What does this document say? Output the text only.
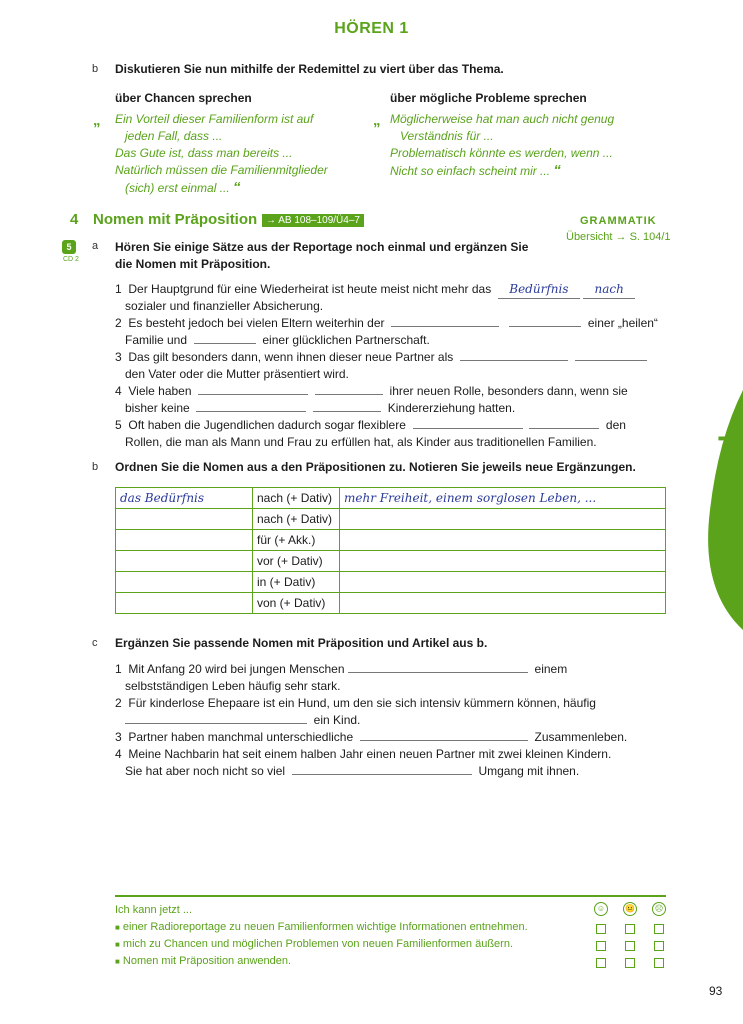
HÖREN 1
b Diskutieren Sie nun mithilfe der Redemittel zu viert über das Thema.
über Chancen sprechen	über mögliche Probleme sprechen
„ Ein Vorteil dieser Familienform ist auf
jeden Fall, dass ...
Das Gute ist, dass man bereits ...
Natürlich müssen die Familienmitglieder
(sich) erst einmal ... “
„ Möglicherweise hat man auch nicht genug
Verständnis für ...
Problematisch könnte es werden, wenn ...
Nicht so einfach scheint mir ... “
4 Nomen mit Präposition → AB 108–109/Ü4–7	GRAMMATIK
Übersicht → S. 104/1
5
CD 2
a Hören Sie einige Sätze aus der Reportage noch einmal und ergänzen Sie
die Nomen mit Präposition.
1 Der Hauptgrund für eine Wiederheirat ist heute meist nicht mehr das Bedürfnis nach
sozialer und finanzieller Absicherung.
2 Es besteht jedoch bei vielen Eltern weiterhin der	einer „heilen“
Familie und	einer glücklichen Partnerschaft.
3 Das gilt besonders dann, wenn ihnen dieser neue Partner als
den Vater oder die Mutter präsentiert wird.
4 Viele haben	ihrer neuen Rolle, besonders dann, wenn sie
bisher keine	Kindererziehung hatten.
5 Oft haben die Jugendlichen dadurch sogar flexiblere	den
Rollen, die man als Mann und Frau zu erfüllen hat, als Kinder aus traditionellen Familien.
b Ordnen Sie die Nomen aus a den Präpositionen zu. Notieren Sie jeweils neue Ergänzungen.
das Bedürfnis	nach (+ Dativ)	mehr Freiheit, einem sorglosen Leben, ...
	nach (+ Dativ)	
	für (+ Akk.)	
	vor (+ Dativ)	
	in (+ Dativ)	
	von (+ Dativ)	
c Ergänzen Sie passende Nomen mit Präposition und Artikel aus b.
1 Mit Anfang 20 wird bei jungen Menschen	einem
selbstständigen Leben häufig sehr stark.
2 Für kinderlose Ehepaare ist ein Hund, um den sie sich intensiv kümmern können, häufig
ein Kind.
3 Partner haben manchmal unterschiedliche	Zusammenleben.
4 Meine Nachbarin hat seit einem halben Jahr einen neuen Partner mit zwei kleinen Kindern.
Sie hat aber noch nicht so viel	Umgang mit ihnen.
Ich kann jetzt ...	☺	😐	☹
■ einer Radioreportage zu neuen Familienformen wichtige Informationen entnehmen.
■ mich zu Chancen und möglichen Problemen von neuen Familienformen äußern.
■ Nomen mit Präposition anwenden.
7
93
